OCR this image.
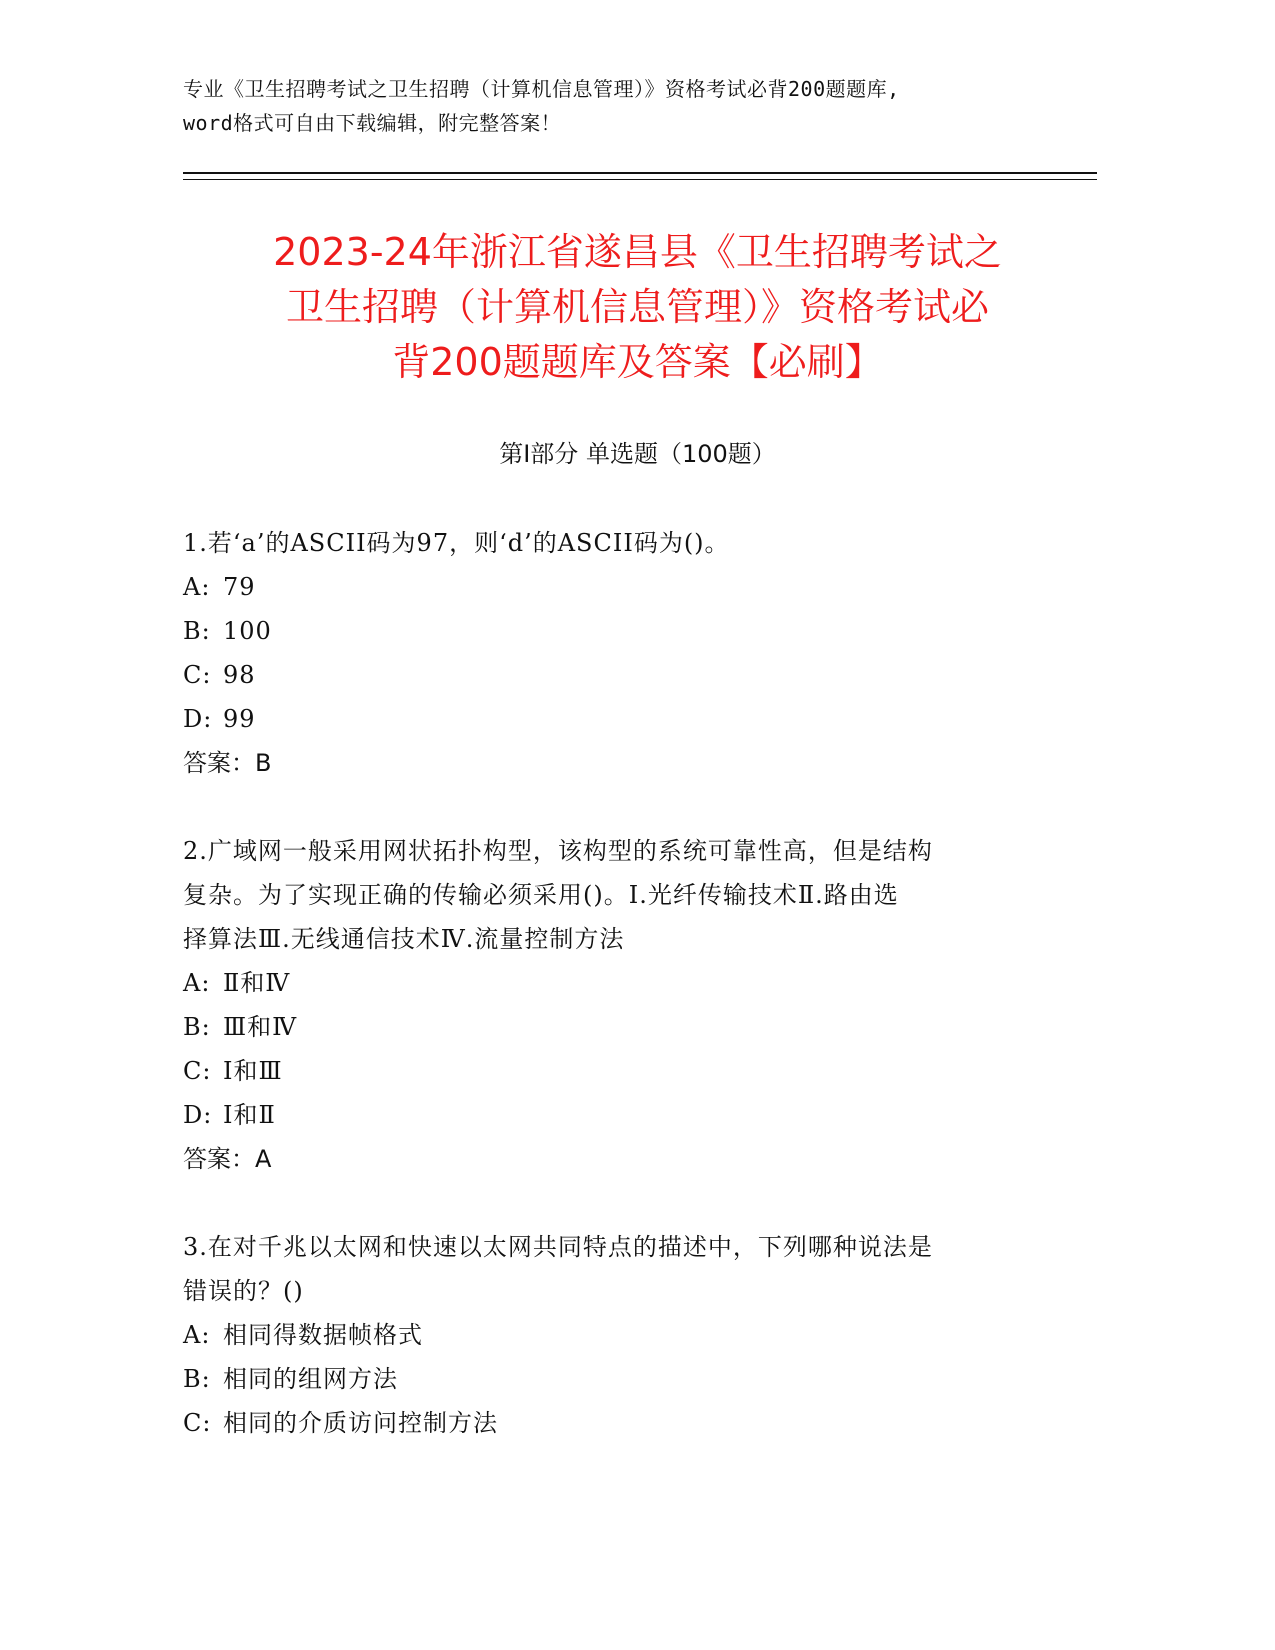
专业《卫生招聘考试之卫生招聘（计算机信息管理）》资格考试必背200题题库,
word格式可自由下载编辑，附完整答案！
2023-24年浙江省遂昌县《卫生招聘考试之
卫生招聘（计算机信息管理）》资格考试必
背200题题库及答案【必刷】
第Ⅰ部分 单选题（100题）

1.若‘a’的ASCII码为97，则‘d’的ASCII码为()。

A: 79
B: 100
C: 98
D: 99
答案：B

2.广域网一般采用网状拓扑构型，该构型的系统可靠性高，但是结构
复杂。为了实现正确的传输必须采用()。Ⅰ.光纤传输技术Ⅱ.路由选
择算法Ⅲ.无线通信技术Ⅳ.流量控制方法

A: Ⅱ和Ⅳ
B: Ⅲ和Ⅳ
C: Ⅰ和Ⅲ
D: Ⅰ和Ⅱ
答案：A

3.在对千兆以太网和快速以太网共同特点的描述中，下列哪种说法是
错误的？()

A: 相同得数据帧格式
B: 相同的组网方法
C: 相同的介质访问控制方法
